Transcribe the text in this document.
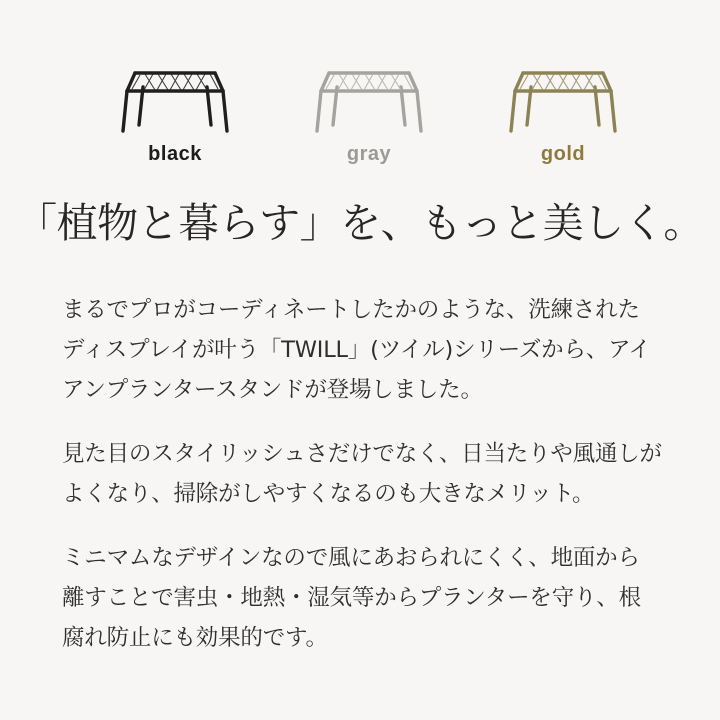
black	gray	gold
「植物と暮らす」を、もっと美しく。

まるでプロがコーディネートしたかのような、洗練されたディスプレイが叶う「TWILL」(ツイル)シリーズから、アイアンプランタースタンドが登場しました。

見た目のスタイリッシュさだけでなく、日当たりや風通しがよくなり、掃除がしやすくなるのも大きなメリット。

ミニマムなデザインなので風にあおられにくく、地面から離すことで害虫・地熱・湿気等からプランターを守り、根腐れ防止にも効果的です。
